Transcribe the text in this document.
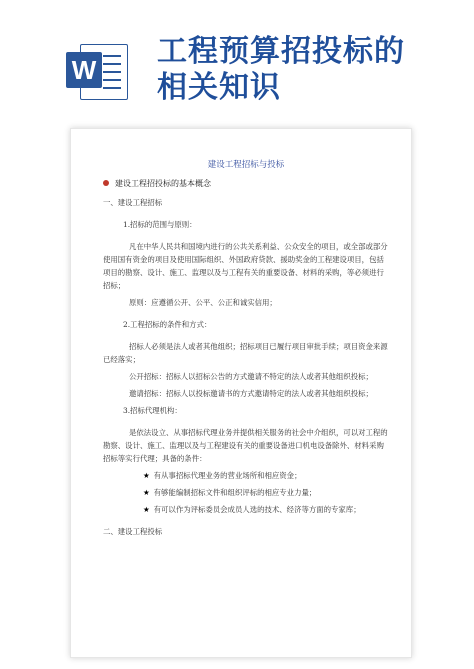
W
工程预算招投标的
相关知识
建设工程招标与投标
建设工程招投标的基本概念

一、建设工程招标

1.招标的范围与原则：

凡在中华人民共和国境内进行的公共关系利益、公众安全的项目，或全部或部分使用国有资金的项目及使用国际组织、外国政府贷款、援助奖金的工程建设项目，包括项目的勘察、设计、施工、监理以及与工程有关的重要设备、材料的采购，等必须进行招标；

原则：应遵循公开、公平、公正和诚实信用；

2.工程招标的条件和方式：

招标人必须是法人或者其他组织；招标项目已履行项目审批手续；项目资金来源已经落实；

公开招标：招标人以招标公告的方式邀请不特定的法人或者其他组织投标；

邀请招标：招标人以投标邀请书的方式邀请特定的法人或者其他组织投标；

3.招标代理机构：

是依法设立、从事招标代理业务并提供相关服务的社会中介组织，可以对工程的勘察、设计、施工、监理以及与工程建设有关的重要设备进口机电设备除外、材料采购招标等实行代理；具备的条件：

★ 有从事招标代理业务的营业场所和相应资金；

★ 有够能编制招标文件和组织评标的相应专业力量；

★ 有可以作为评标委员会成员人选的技术、经济等方面的专家库；

二、建设工程投标
